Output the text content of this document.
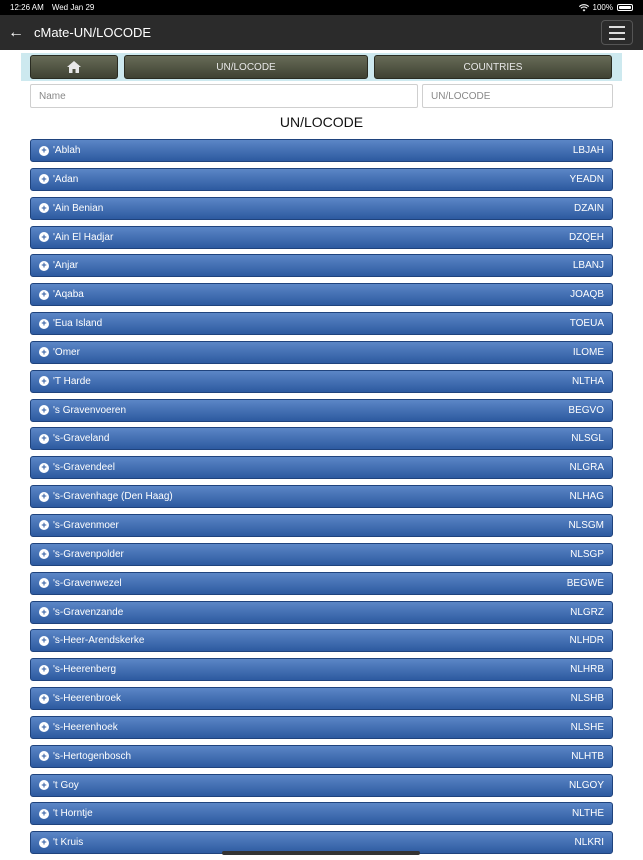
12:26 AM Wed Jan 29	100%
← cMate-UN/LOCODE
UN/LOCODE	COUNTRIES
Name
UN/LOCODE
UN/LOCODE
+ 'Ablah	LBJAH
+ 'Adan	YEADN
+ 'Ain Benian	DZAIN
+ 'Ain El Hadjar	DZQEH
+ 'Anjar	LBANJ
+ 'Aqaba	JOAQB
+ 'Eua Island	TOEUA
+ 'Omer	ILOME
+ 'T Harde	NLTHA
+ 's Gravenvoeren	BEGVO
+ 's-Graveland	NLSGL
+ 's-Gravendeel	NLGRA
+ 's-Gravenhage (Den Haag)	NLHAG
+ 's-Gravenmoer	NLSGM
+ 's-Gravenpolder	NLSGP
+ 's-Gravenwezel	BEGWE
+ 's-Gravenzande	NLGRZ
+ 's-Heer-Arendskerke	NLHDR
+ 's-Heerenberg	NLHRB
+ 's-Heerenbroek	NLSHB
+ 's-Heerenhoek	NLSHE
+ 's-Hertogenbosch	NLHTB
+ 't Goy	NLGOY
+ 't Horntje	NLTHE
+ 't Kruis	NLKRI
